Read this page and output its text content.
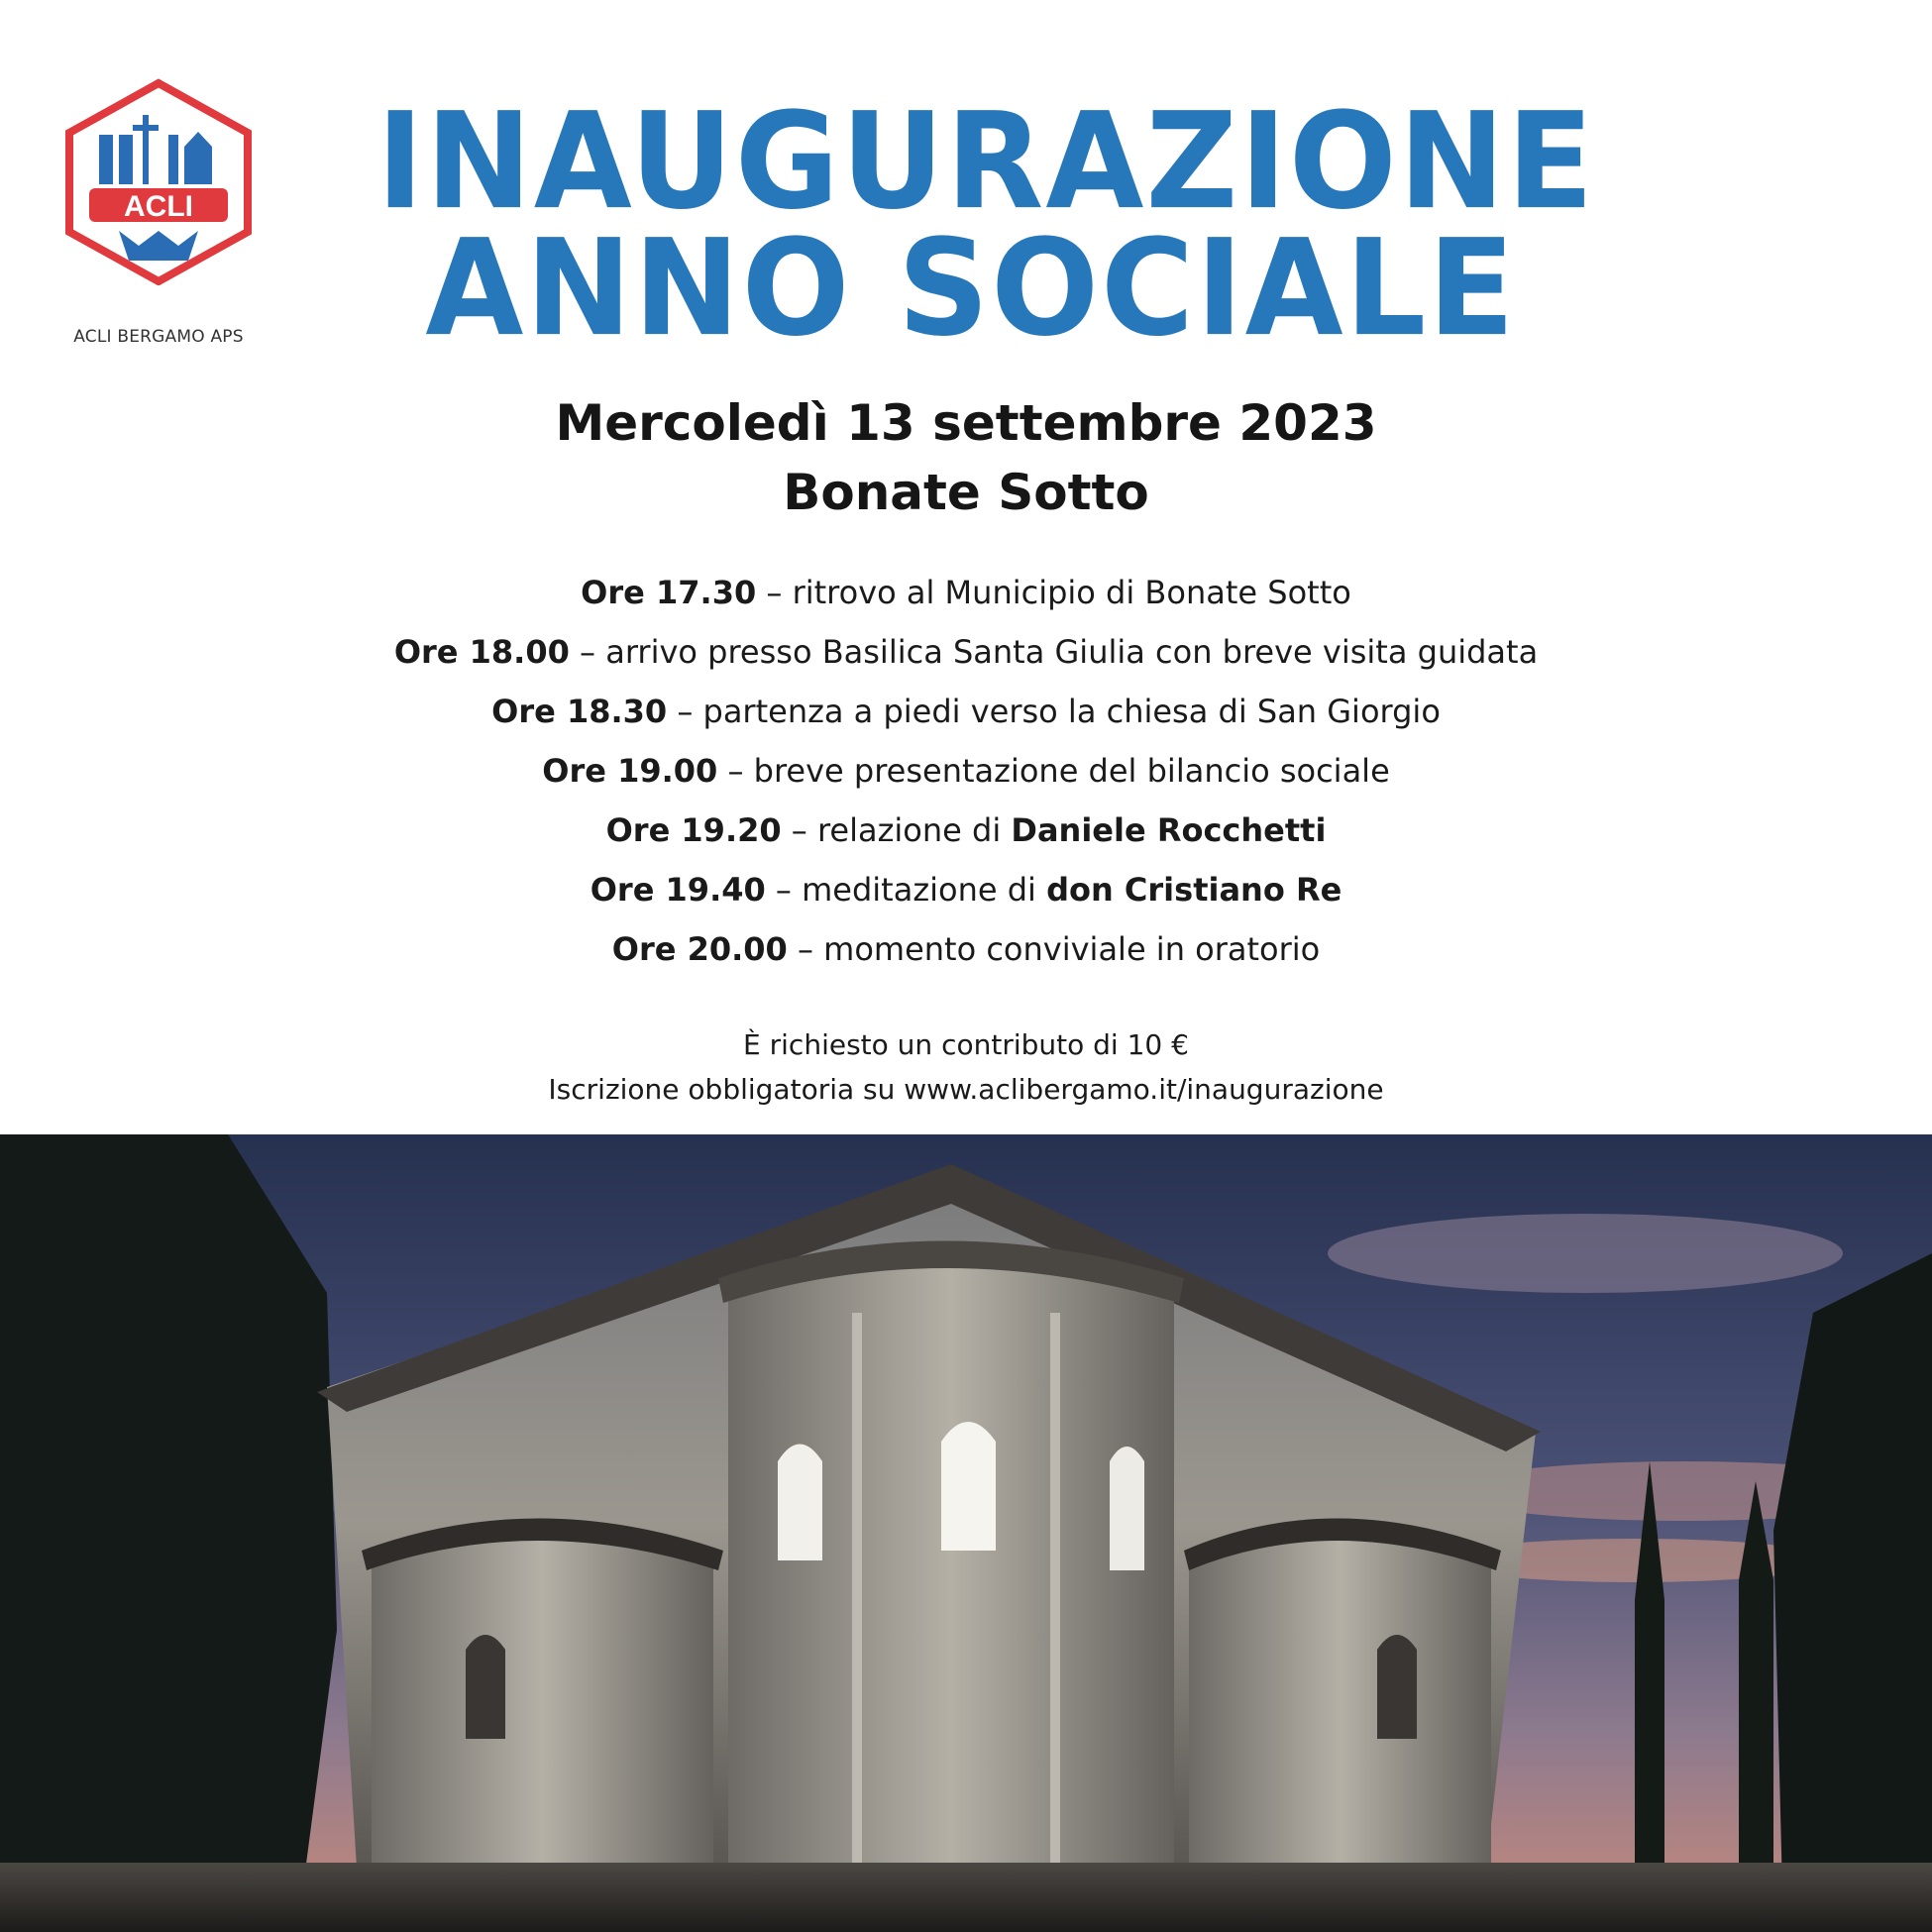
ACLI
ACLI BERGAMO APS
INAUGURAZIONE
ANNO SOCIALE
Mercoledì 13 settembre 2023
Bonate Sotto
Ore 17.30 – ritrovo al Municipio di Bonate Sotto
Ore 18.00 – arrivo presso Basilica Santa Giulia con breve visita guidata
Ore 18.30 – partenza a piedi verso la chiesa di San Giorgio
Ore 19.00 – breve presentazione del bilancio sociale
Ore 19.20 – relazione di Daniele Rocchetti
Ore 19.40 – meditazione di don Cristiano Re
Ore 20.00 – momento conviviale in oratorio
È richiesto un contributo di 10 €
Iscrizione obbligatoria su www.aclibergamo.it/inaugurazione
